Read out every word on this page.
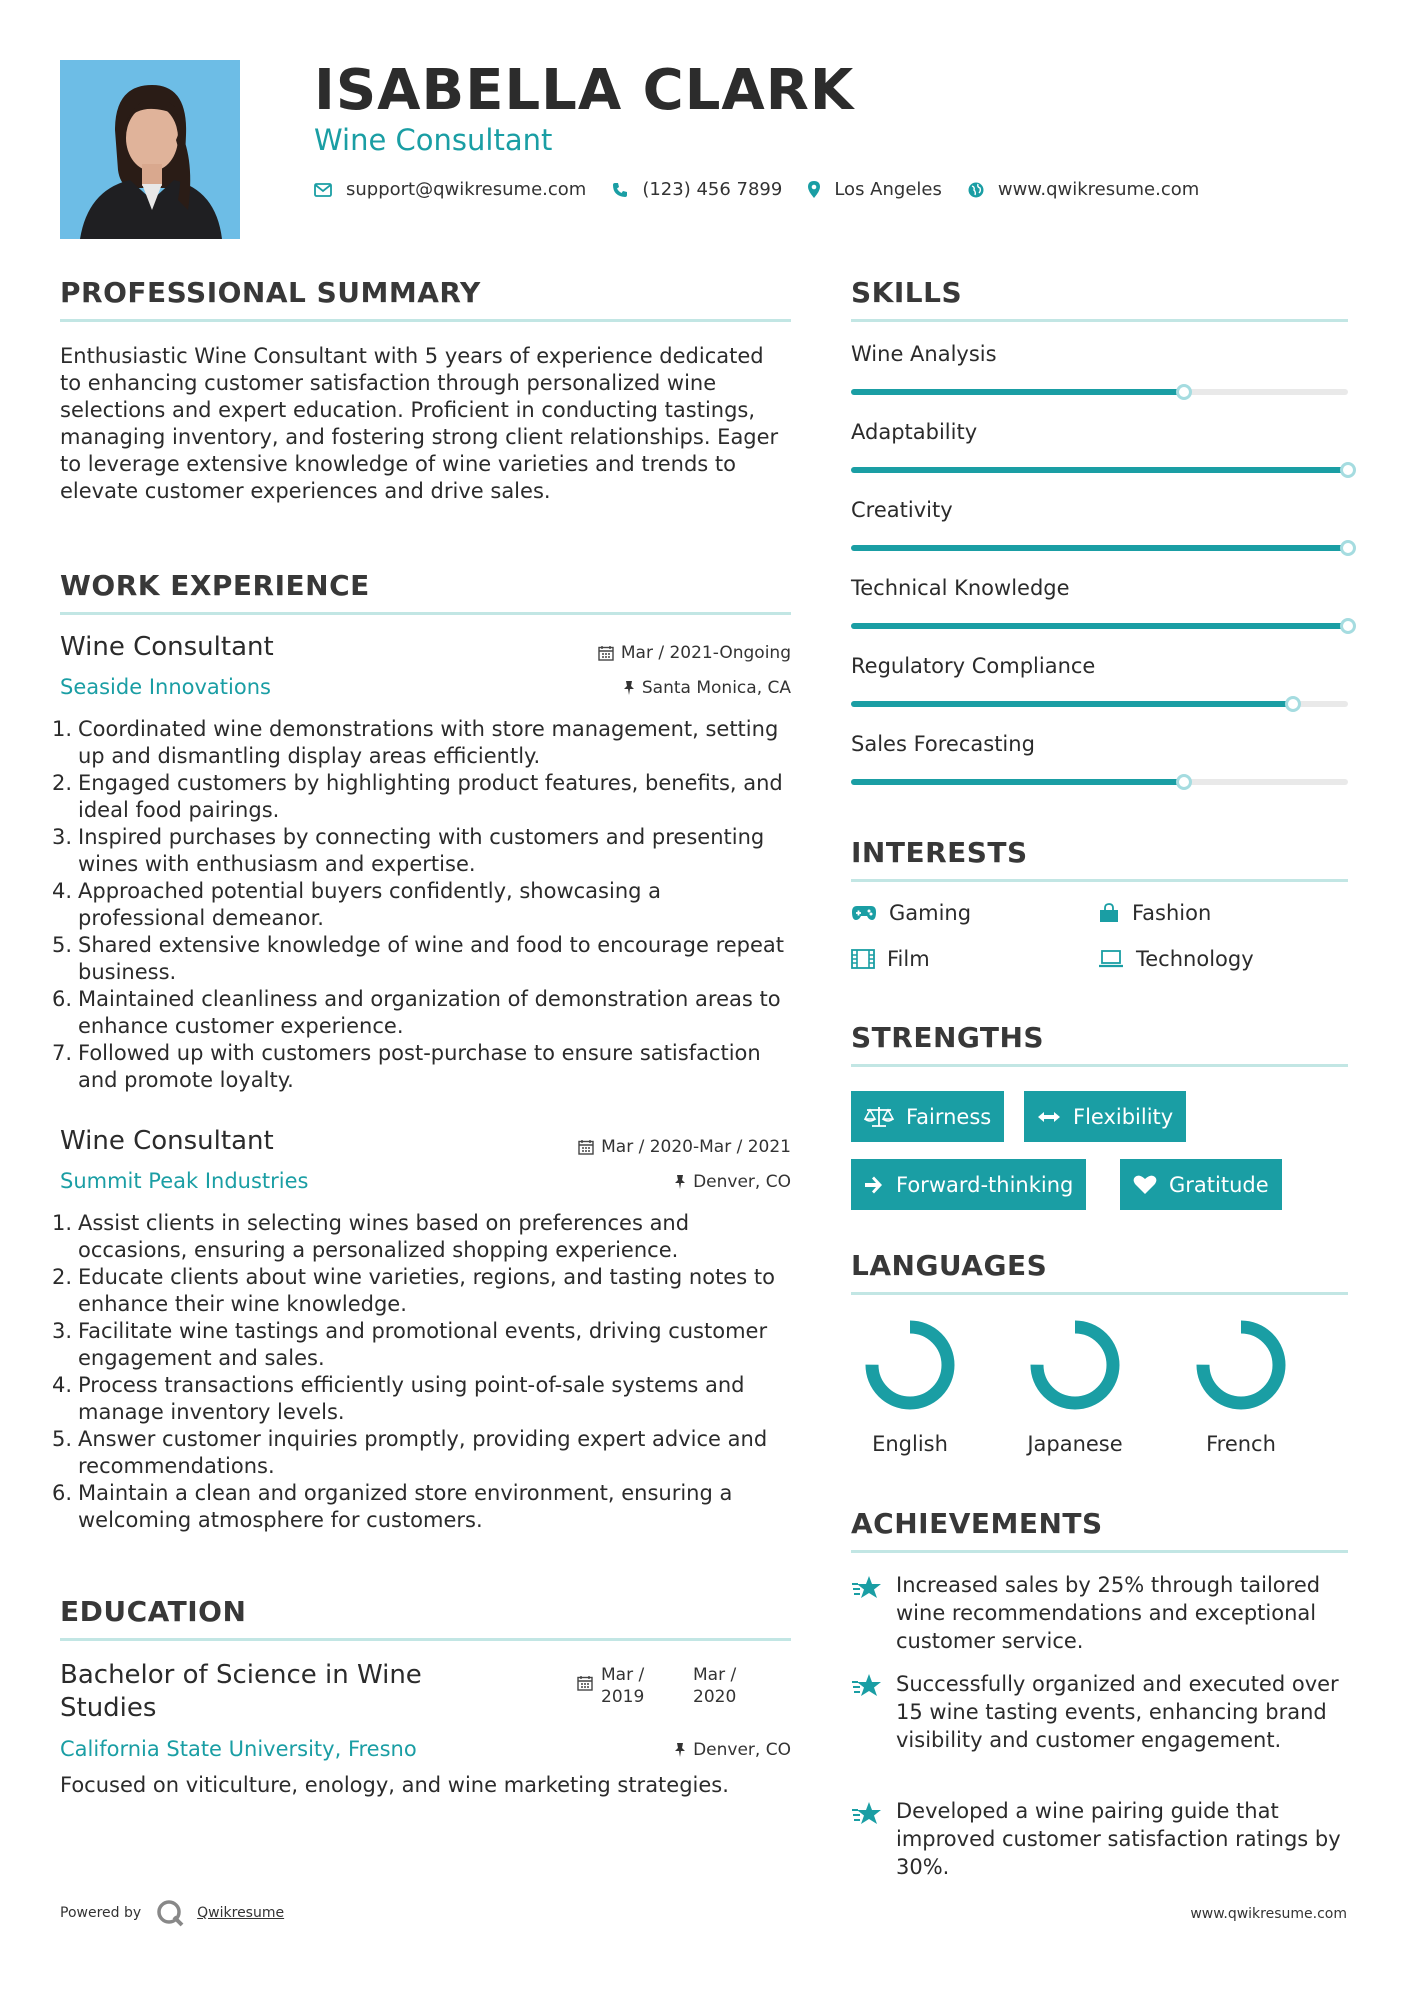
ISABELLA CLARK
Wine Consultant
support@qwikresume.com	(123) 456 7899	Los Angeles	www.qwikresume.com
PROFESSIONAL SUMMARY
Enthusiastic Wine Consultant with 5 years of experience dedicated to enhancing customer satisfaction through personalized wine selections and expert education. Proficient in conducting tastings, managing inventory, and fostering strong client relationships. Eager to leverage extensive knowledge of wine varieties and trends to elevate customer experiences and drive sales.
WORK EXPERIENCE
Wine Consultant	Mar / 2021-Ongoing
Seaside Innovations	Santa Monica, CA
1. Coordinated wine demonstrations with store management, setting up and dismantling display areas efficiently.
2. Engaged customers by highlighting product features, benefits, and ideal food pairings.
3. Inspired purchases by connecting with customers and presenting wines with enthusiasm and expertise.
4. Approached potential buyers confidently, showcasing a professional demeanor.
5. Shared extensive knowledge of wine and food to encourage repeat business.
6. Maintained cleanliness and organization of demonstration areas to enhance customer experience.
7. Followed up with customers post-purchase to ensure satisfaction and promote loyalty.
Wine Consultant	Mar / 2020-Mar / 2021
Summit Peak Industries	Denver, CO
1. Assist clients in selecting wines based on preferences and occasions, ensuring a personalized shopping experience.
2. Educate clients about wine varieties, regions, and tasting notes to enhance their wine knowledge.
3. Facilitate wine tastings and promotional events, driving customer engagement and sales.
4. Process transactions efficiently using point-of-sale systems and manage inventory levels.
5. Answer customer inquiries promptly, providing expert advice and recommendations.
6. Maintain a clean and organized store environment, ensuring a welcoming atmosphere for customers.
EDUCATION
Bachelor of Science in Wine Studies
Mar / 2019
Mar / 2020
California State University, Fresno	Denver, CO
Focused on viticulture, enology, and wine marketing strategies.
SKILLS
Wine Analysis
Adaptability
Creativity
Technical Knowledge
Regulatory Compliance
Sales Forecasting
INTERESTS
Gaming	Fashion
Film	Technology
STRENGTHS
Fairness	Flexibility
Forward-thinking	Gratitude
LANGUAGES
English	Japanese	French
ACHIEVEMENTS
Increased sales by 25% through tailored wine recommendations and exceptional customer service.
Successfully organized and executed over 15 wine tasting events, enhancing brand visibility and customer engagement.
Developed a wine pairing guide that improved customer satisfaction ratings by 30%.
Powered by	Qwikresume	www.qwikresume.com
